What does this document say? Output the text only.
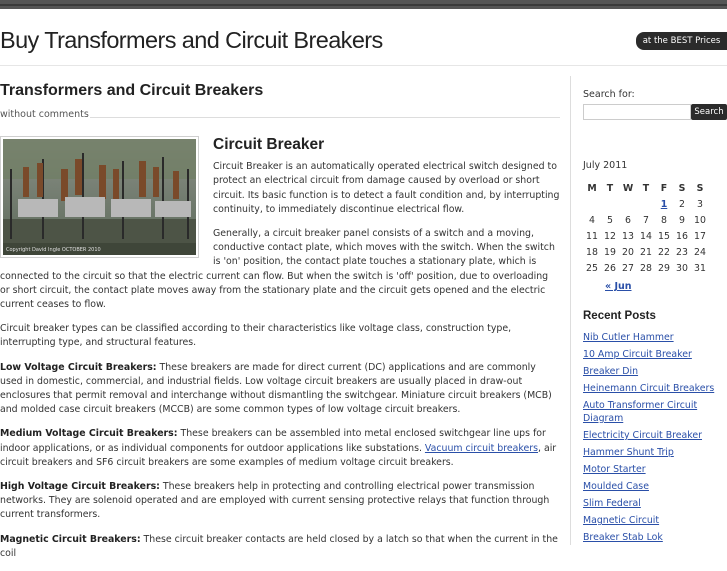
Buy Transformers and Circuit Breakers	at the BEST Prices
Transformers and Circuit Breakers
without comments
Copyright David Ingle OCTOBER 2010
Circuit Breaker

Circuit Breaker is an automatically operated electrical switch designed to protect an electrical circuit from damage caused by overload or short circuit. Its basic function is to detect a fault condition and, by interrupting continuity, to immediately discontinue electrical flow.

Generally, a circuit breaker panel consists of a switch and a moving, conductive contact plate, which moves with the switch. When the switch is 'on' position, the contact plate touches a stationary plate, which is connected to the circuit so that the electric current can flow. But when the switch is 'off' position, due to overloading or short circuit, the contact plate moves away from the stationary plate and the circuit gets opened and the electric current ceases to flow.

Circuit breaker types can be classified according to their characteristics like voltage class, construction type, interrupting type, and structural features.

Low Voltage Circuit Breakers: These breakers are made for direct current (DC) applications and are commonly used in domestic, commercial, and industrial fields. Low voltage circuit breakers are usually placed in draw-out enclosures that permit removal and interchange without dismantling the switchgear. Miniature circuit breakers (MCB) and molded case circuit breakers (MCCB) are some common types of low voltage circuit breakers.

Medium Voltage Circuit Breakers: These breakers can be assembled into metal enclosed switchgear line ups for indoor applications, or as individual components for outdoor applications like substations. Vacuum circuit breakers, air circuit breakers and SF6 circuit breakers are some examples of medium voltage circuit breakers.

High Voltage Circuit Breakers: These breakers help in protecting and controlling electrical power transmission networks. They are solenoid operated and are employed with current sensing protective relays that function through current transformers.

Magnetic Circuit Breakers: These circuit breaker contacts are held closed by a latch so that when the current in the coil

Search for:
Search
July 2011
M	T	W	T	F	S	S
				1	2	3
4	5	6	7	8	9	10
11	12	13	14	15	16	17
18	19	20	21	22	23	24
25	26	27	28	29	30	31
« Jun
Recent Posts
Nib Cutler Hammer
10 Amp Circuit Breaker
Breaker Din
Heinemann Circuit Breakers
Auto Transformer Circuit Diagram
Electricity Circuit Breaker
Hammer Shunt Trip
Motor Starter
Moulded Case
Slim Federal
Magnetic Circuit
Breaker Stab Lok
